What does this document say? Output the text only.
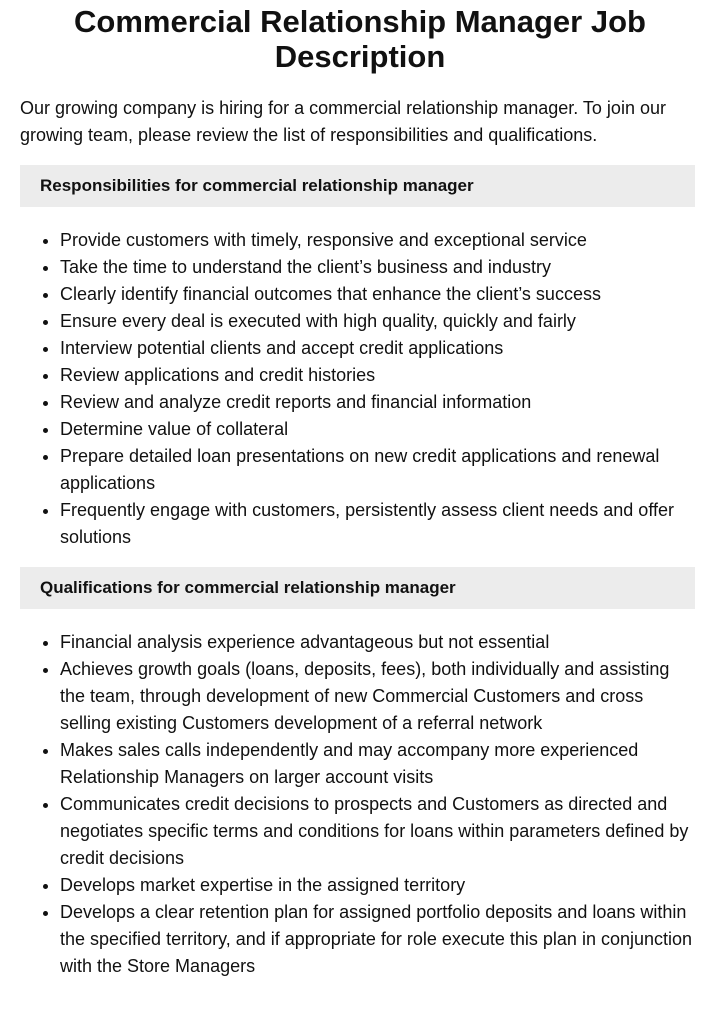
Commercial Relationship Manager Job Description

Our growing company is hiring for a commercial relationship manager. To join our growing team, please review the list of responsibilities and qualifications.

Responsibilities for commercial relationship manager
• Provide customers with timely, responsive and exceptional service
• Take the time to understand the client’s business and industry
• Clearly identify financial outcomes that enhance the client’s success
• Ensure every deal is executed with high quality, quickly and fairly
• Interview potential clients and accept credit applications
• Review applications and credit histories
• Review and analyze credit reports and financial information
• Determine value of collateral
• Prepare detailed loan presentations on new credit applications and renewal applications
• Frequently engage with customers, persistently assess client needs and offer solutions
Qualifications for commercial relationship manager
• Financial analysis experience advantageous but not essential
• Achieves growth goals (loans, deposits, fees), both individually and assisting the team, through development of new Commercial Customers and cross selling existing Customers development of a referral network
• Makes sales calls independently and may accompany more experienced Relationship Managers on larger account visits
• Communicates credit decisions to prospects and Customers as directed and negotiates specific terms and conditions for loans within parameters defined by credit decisions
• Develops market expertise in the assigned territory
• Develops a clear retention plan for assigned portfolio deposits and loans within the specified territory, and if appropriate for role execute this plan in conjunction with the Store Managers
